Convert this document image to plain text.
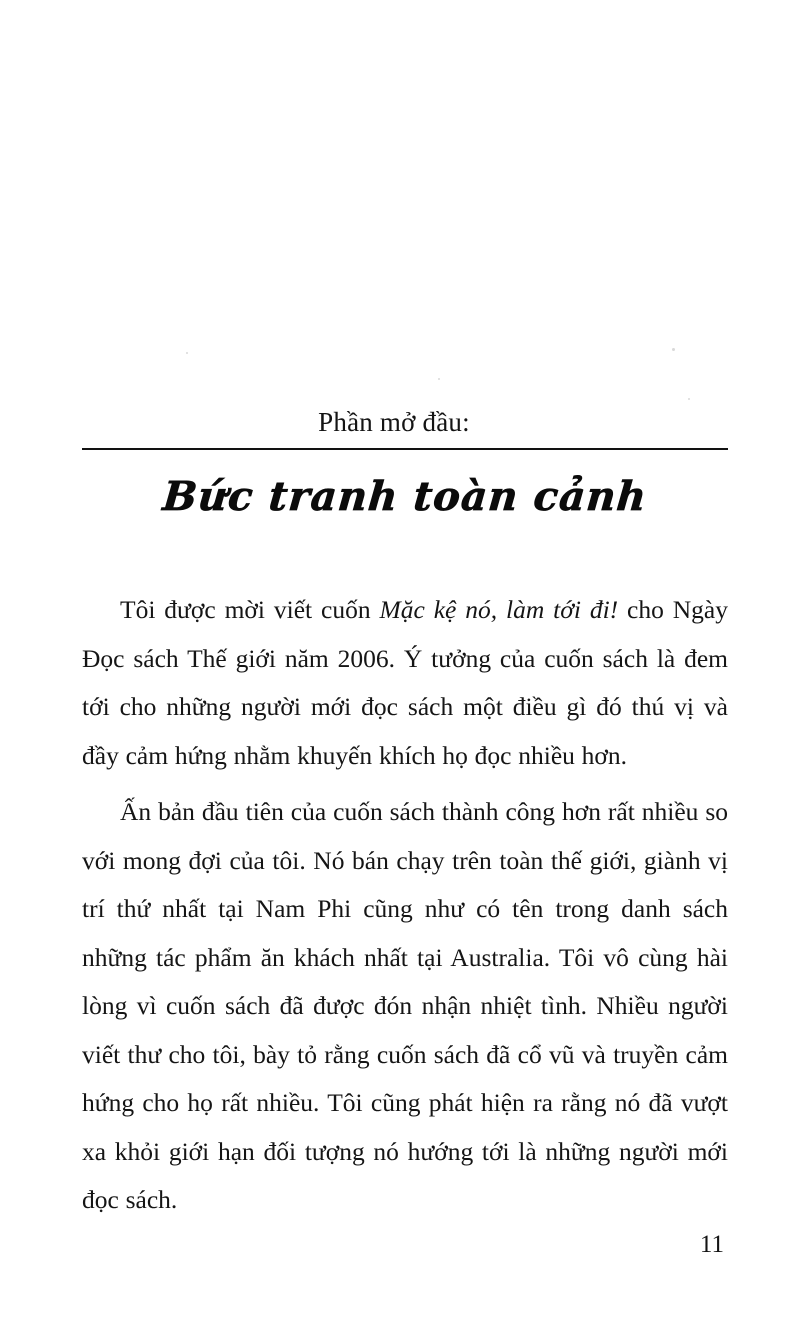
Phần mở đầu:
Bức tranh toàn cảnh

Tôi được mời viết cuốn Mặc kệ nó, làm tới đi! cho Ngày Đọc sách Thế giới năm 2006. Ý tưởng của cuốn sách là đem tới cho những người mới đọc sách một điều gì đó thú vị và đầy cảm hứng nhằm khuyến khích họ đọc nhiều hơn.

Ấn bản đầu tiên của cuốn sách thành công hơn rất nhiều so với mong đợi của tôi. Nó bán chạy trên toàn thế giới, giành vị trí thứ nhất tại Nam Phi cũng như có tên trong danh sách những tác phẩm ăn khách nhất tại Australia. Tôi vô cùng hài lòng vì cuốn sách đã được đón nhận nhiệt tình. Nhiều người viết thư cho tôi, bày tỏ rằng cuốn sách đã cổ vũ và truyền cảm hứng cho họ rất nhiều. Tôi cũng phát hiện ra rằng nó đã vượt xa khỏi giới hạn đối tượng nó hướng tới là những người mới đọc sách.

11
